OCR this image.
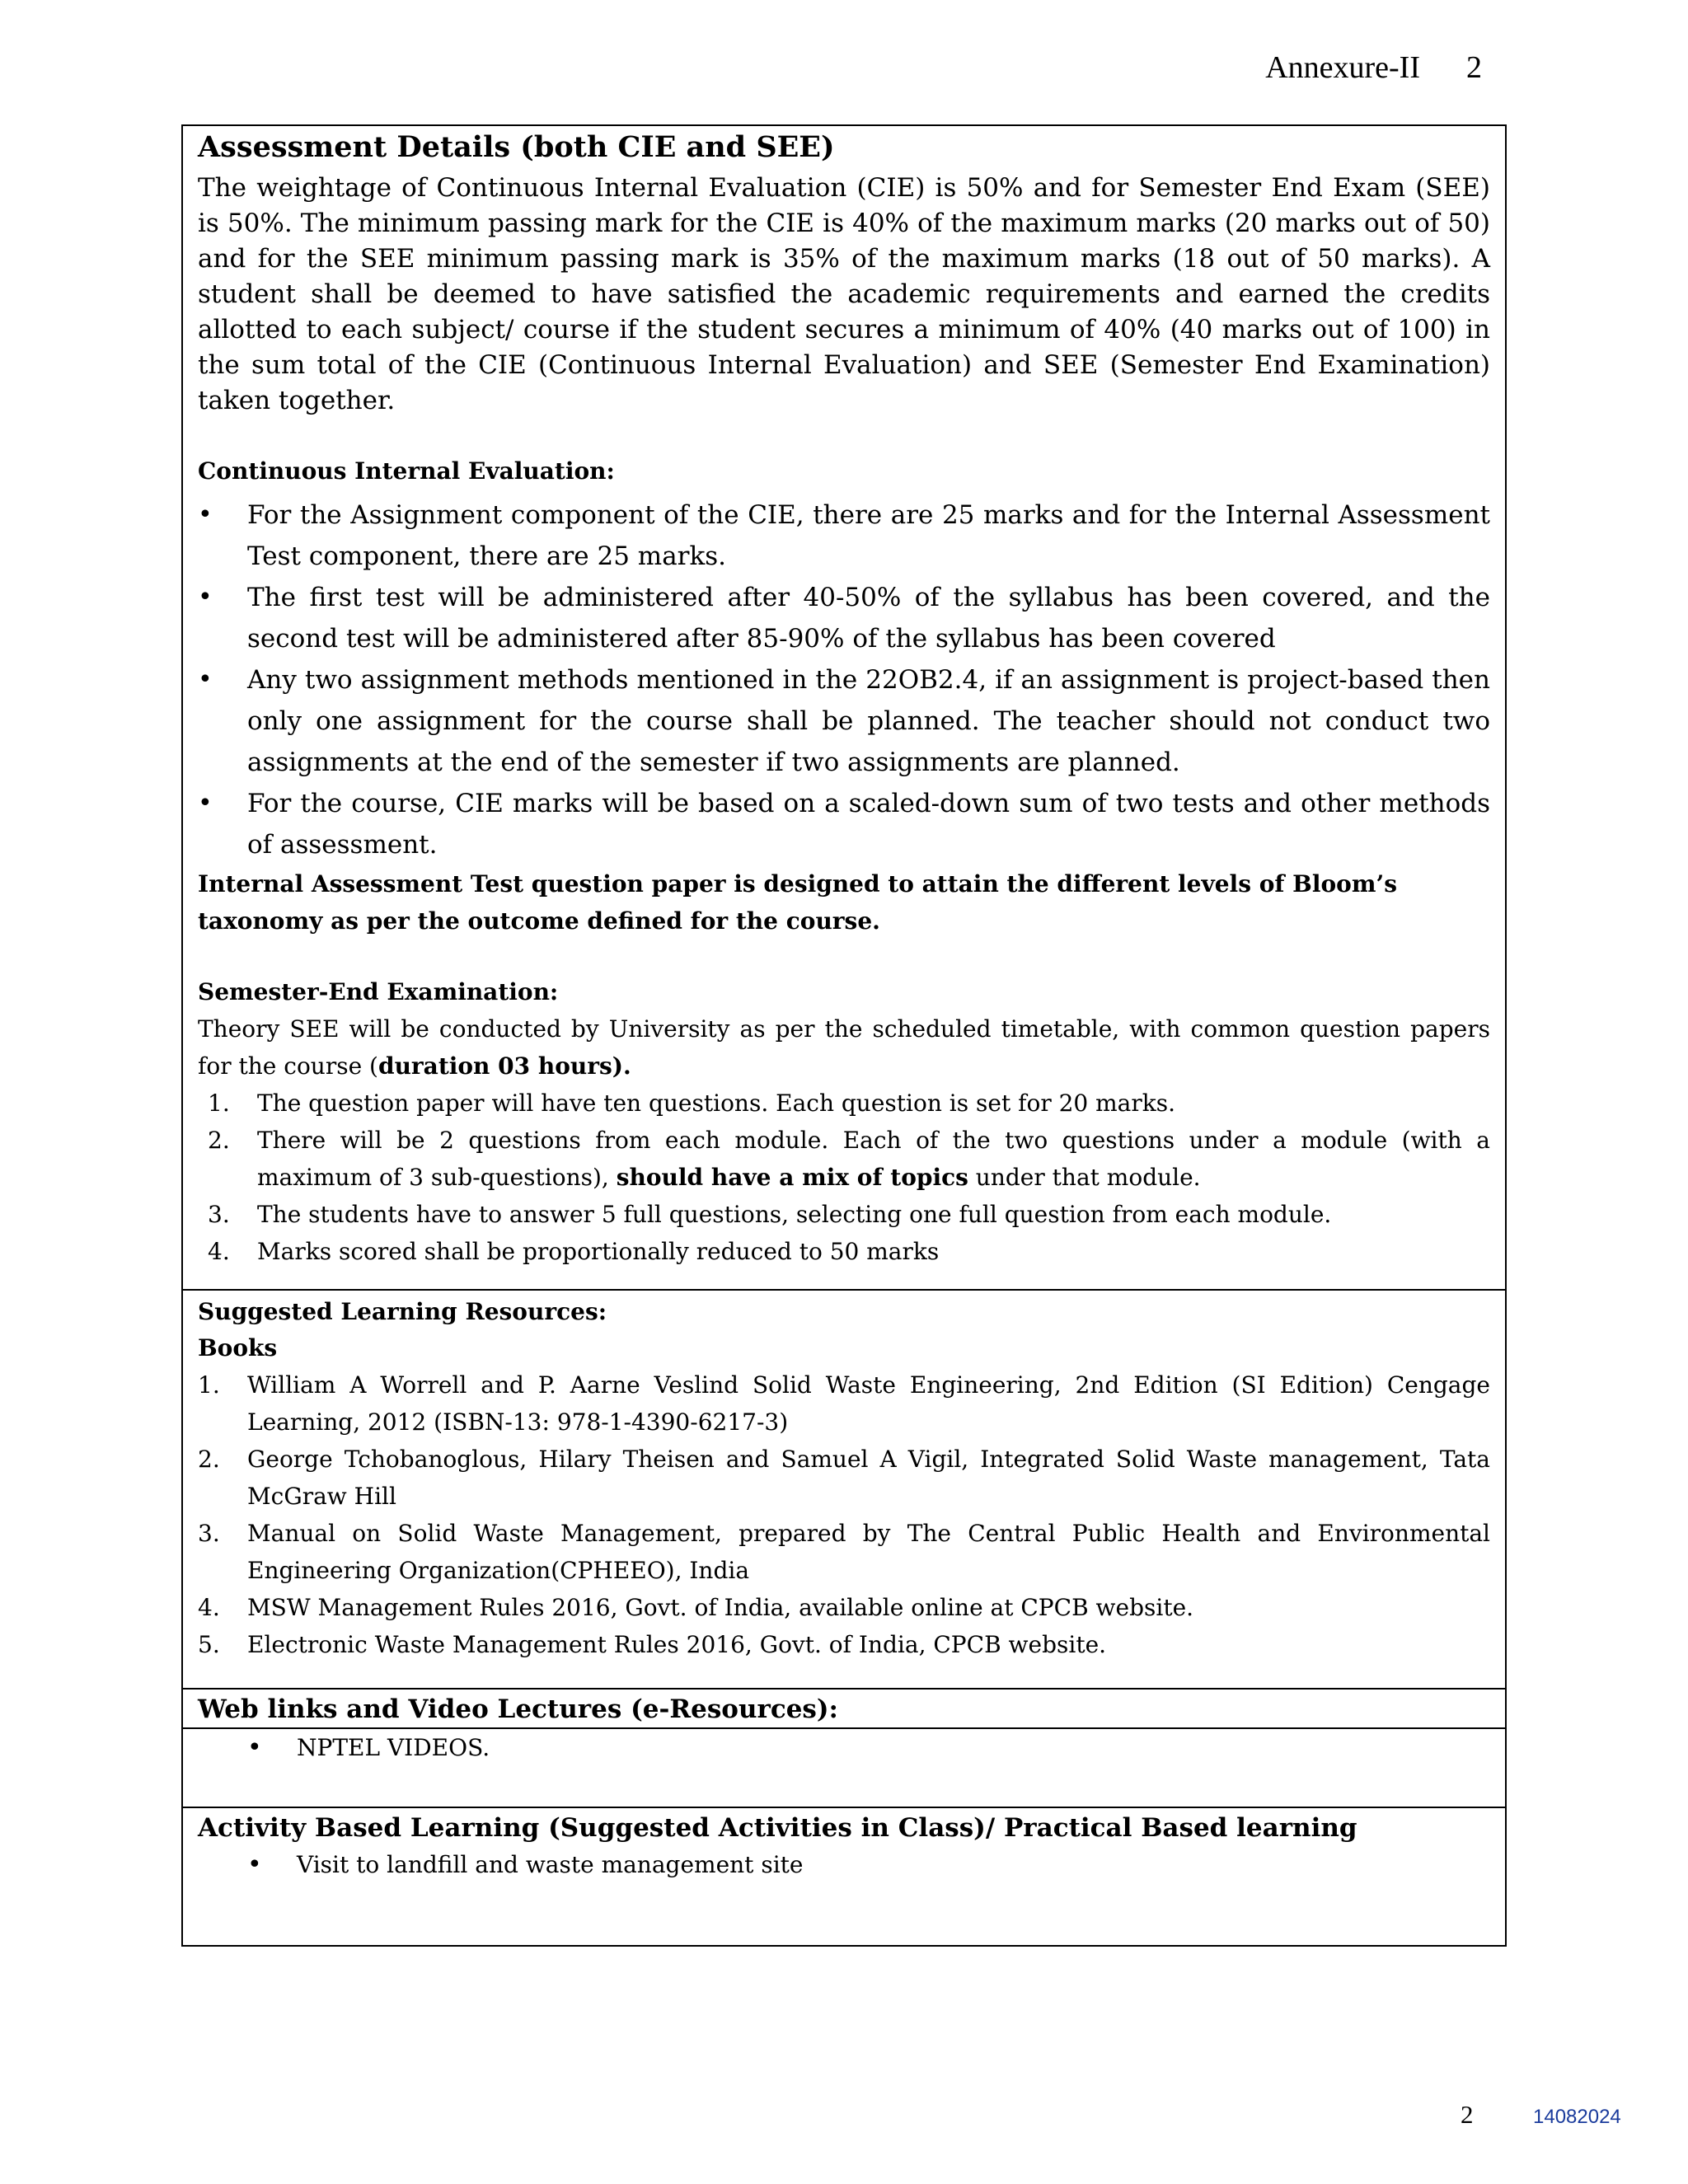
Annexure-II 2
Assessment Details (both CIE and SEE)

The weightage of Continuous Internal Evaluation (CIE) is 50% and for Semester End Exam (SEE) is 50%. The minimum passing mark for the CIE is 40% of the maximum marks (20 marks out of 50) and for the SEE minimum passing mark is 35% of the maximum marks (18 out of 50 marks). A student shall be deemed to have satisfied the academic requirements and earned the credits allotted to each subject/ course if the student secures a minimum of 40% (40 marks out of 100) in the sum total of the CIE (Continuous Internal Evaluation) and SEE (Semester End Examination) taken together.

Continuous Internal Evaluation:

• For the Assignment component of the CIE, there are 25 marks and for the Internal Assessment Test component, there are 25 marks.
• The first test will be administered after 40-50% of the syllabus has been covered, and the second test will be administered after 85-90% of the syllabus has been covered
• Any two assignment methods mentioned in the 22OB2.4, if an assignment is project-based then only one assignment for the course shall be planned. The teacher should not conduct two assignments at the end of the semester if two assignments are planned.
• For the course, CIE marks will be based on a scaled-down sum of two tests and other methods of assessment.

Internal Assessment Test question paper is designed to attain the different levels of Bloom’s taxonomy as per the outcome defined for the course.

Semester-End Examination:

Theory SEE will be conducted by University as per the scheduled timetable, with common question papers for the course (duration 03 hours).

1. The question paper will have ten questions. Each question is set for 20 marks.
2. There will be 2 questions from each module. Each of the two questions under a module (with a maximum of 3 sub-questions), should have a mix of topics under that module.
3. The students have to answer 5 full questions, selecting one full question from each module.
4. Marks scored shall be proportionally reduced to 50 marks

Suggested Learning Resources:

Books

1. William A Worrell and P. Aarne Veslind Solid Waste Engineering, 2nd Edition (SI Edition) Cengage Learning, 2012 (ISBN-13: 978-1-4390-6217-3)
2. George Tchobanoglous, Hilary Theisen and Samuel A Vigil, Integrated Solid Waste management, Tata McGraw Hill
3. Manual on Solid Waste Management, prepared by The Central Public Health and Environmental Engineering Organization(CPHEEO), India
4. MSW Management Rules 2016, Govt. of India, available online at CPCB website.
5. Electronic Waste Management Rules 2016, Govt. of India, CPCB website.

Web links and Video Lectures (e-Resources):

• NPTEL VIDEOS.

Activity Based Learning (Suggested Activities in Class)/ Practical Based learning

• Visit to landfill and waste management site
2	14082024
